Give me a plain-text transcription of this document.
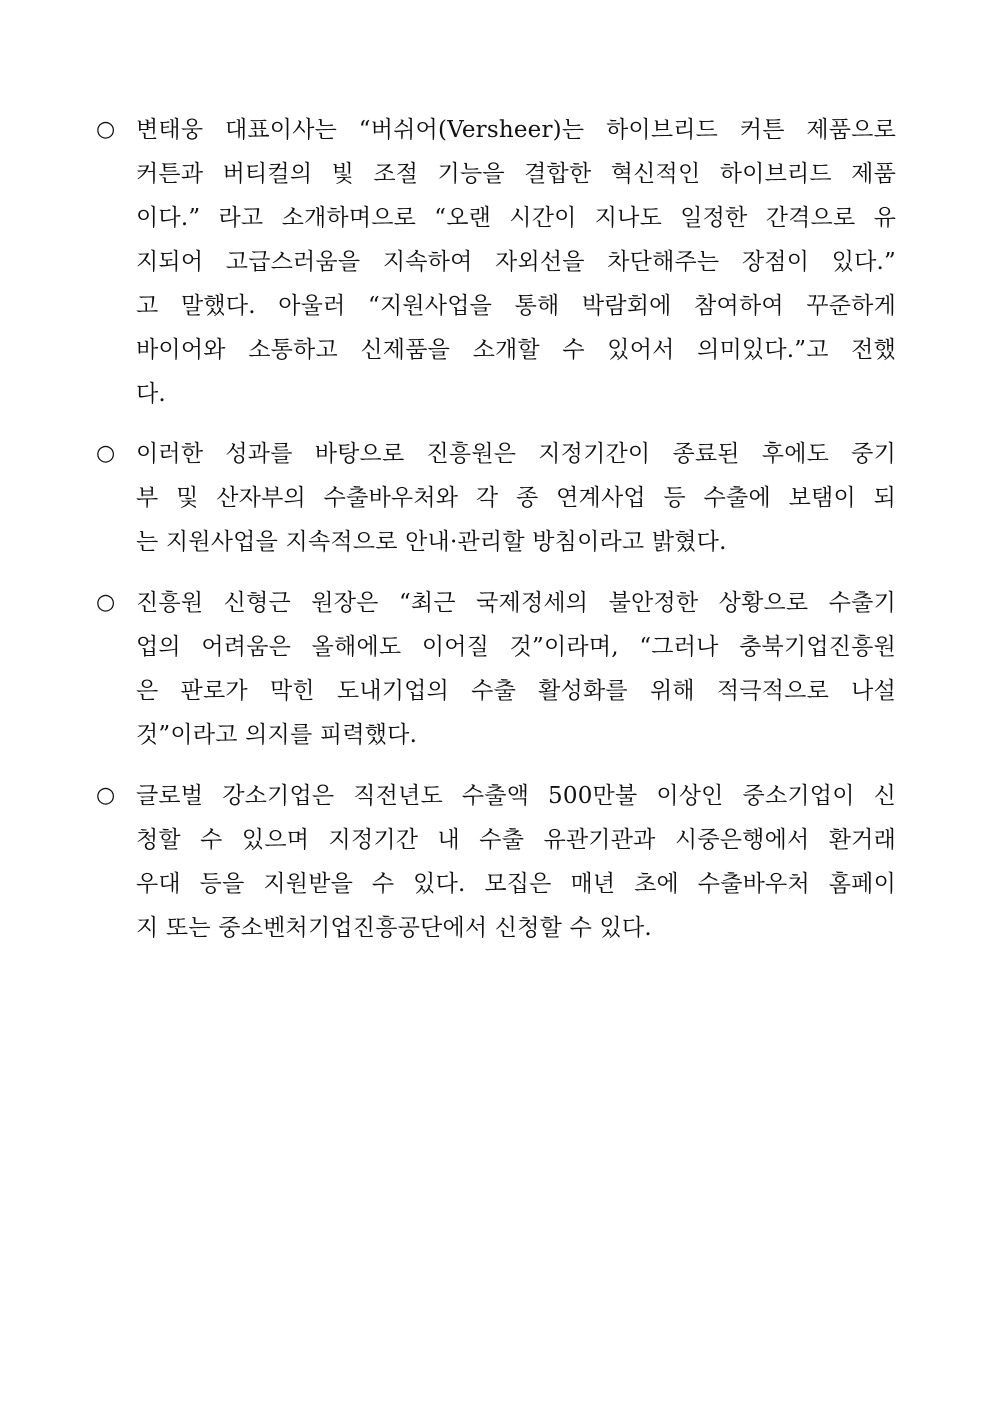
○ 변태웅 대표이사는 “버쉬어(Versheer)는 하이브리드 커튼 제품으로
커튼과 버티컬의 빛 조절 기능을 결합한 혁신적인 하이브리드 제품
이다.” 라고 소개하며으로 “오랜 시간이 지나도 일정한 간격으로 유
지되어 고급스러움을 지속하여 자외선을 차단해주는 장점이 있다.”
고 말했다. 아울러 “지원사업을 통해 박람회에 참여하여 꾸준하게
바이어와 소통하고 신제품을 소개할 수 있어서 의미있다.”고 전했
다.
○ 이러한 성과를 바탕으로 진흥원은 지정기간이 종료된 후에도 중기
부 및 산자부의 수출바우처와 각 종 연계사업 등 수출에 보탬이 되
는 지원사업을 지속적으로 안내·관리할 방침이라고 밝혔다.
○ 진흥원 신형근 원장은 “최근 국제정세의 불안정한 상황으로 수출기
업의 어려움은 올해에도 이어질 것”이라며, “그러나 충북기업진흥원
은 판로가 막힌 도내기업의 수출 활성화를 위해 적극적으로 나설
것”이라고 의지를 피력했다.
○ 글로벌 강소기업은 직전년도 수출액 500만불 이상인 중소기업이 신
청할 수 있으며 지정기간 내 수출 유관기관과 시중은행에서 환거래
우대 등을 지원받을 수 있다. 모집은 매년 초에 수출바우처 홈페이
지 또는 중소벤처기업진흥공단에서 신청할 수 있다.
